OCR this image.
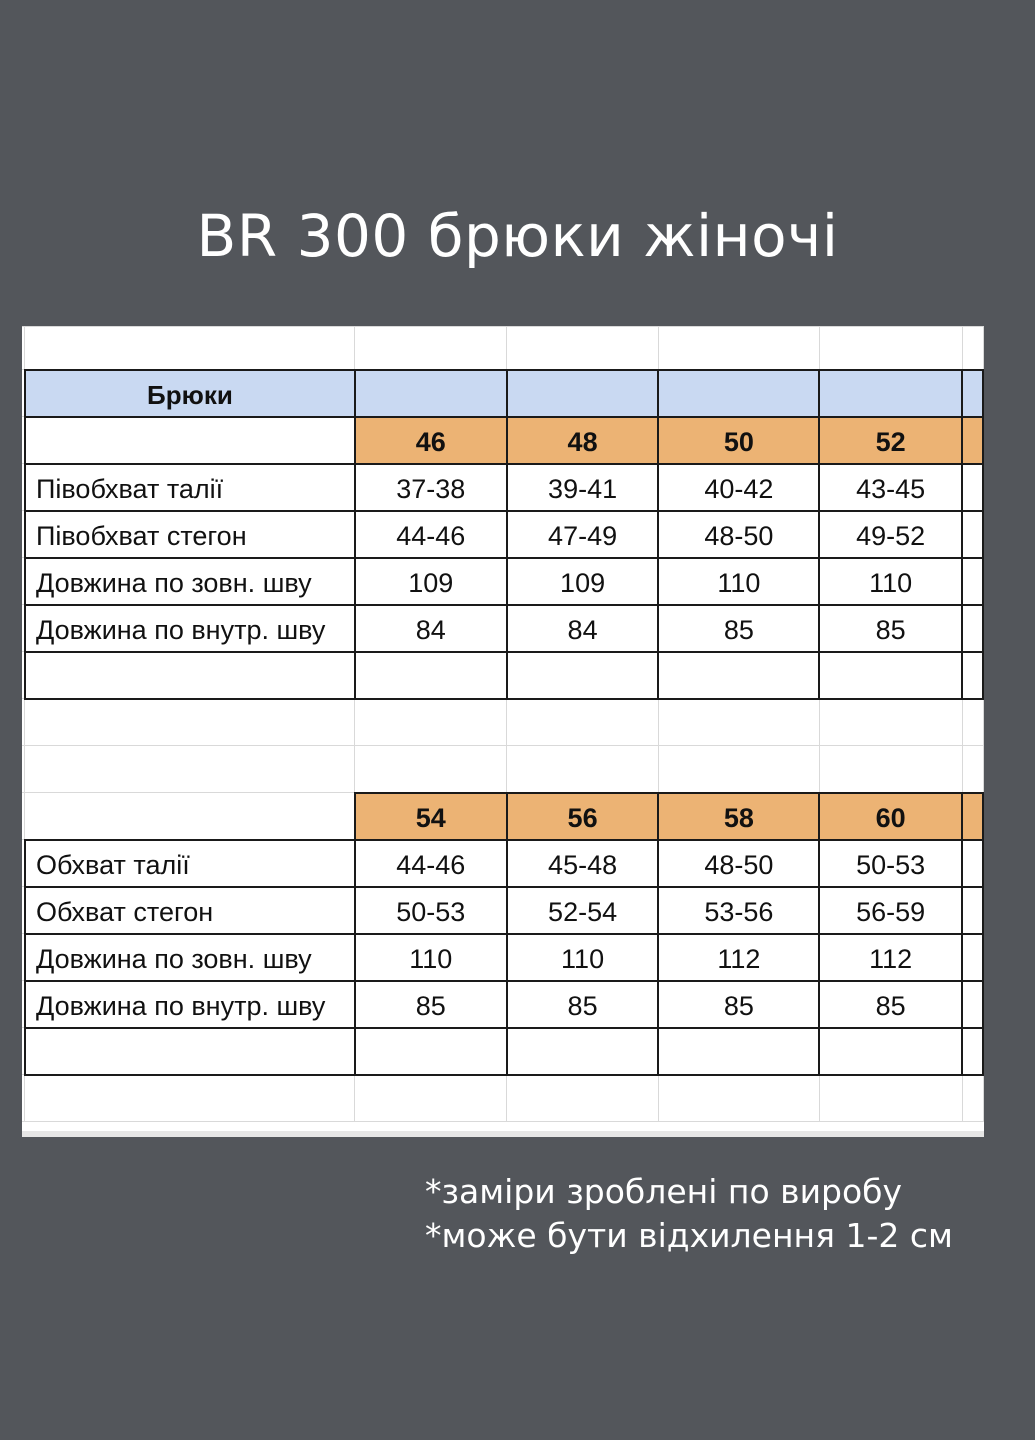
BR 300 брюки жіночі

	Брюки					
		46	48	50	52	
	Півобхват талії	37-38	39-41	40-42	43-45	
	Півобхват стегон	44-46	47-49	48-50	49-52	
	Довжина по зовн. шву	109	109	110	110	
	Довжина по внутр. шву	84	84	85	85	

		54	56	58	60	
	Обхват талії	44-46	45-48	48-50	50-53	
	Обхват стегон	50-53	52-54	53-56	56-59	
	Довжина по зовн. шву	110	110	112	112	
	Довжина по внутр. шву	85	85	85	85	

*заміри зроблені по виробу
*може бути відхилення 1-2 см
